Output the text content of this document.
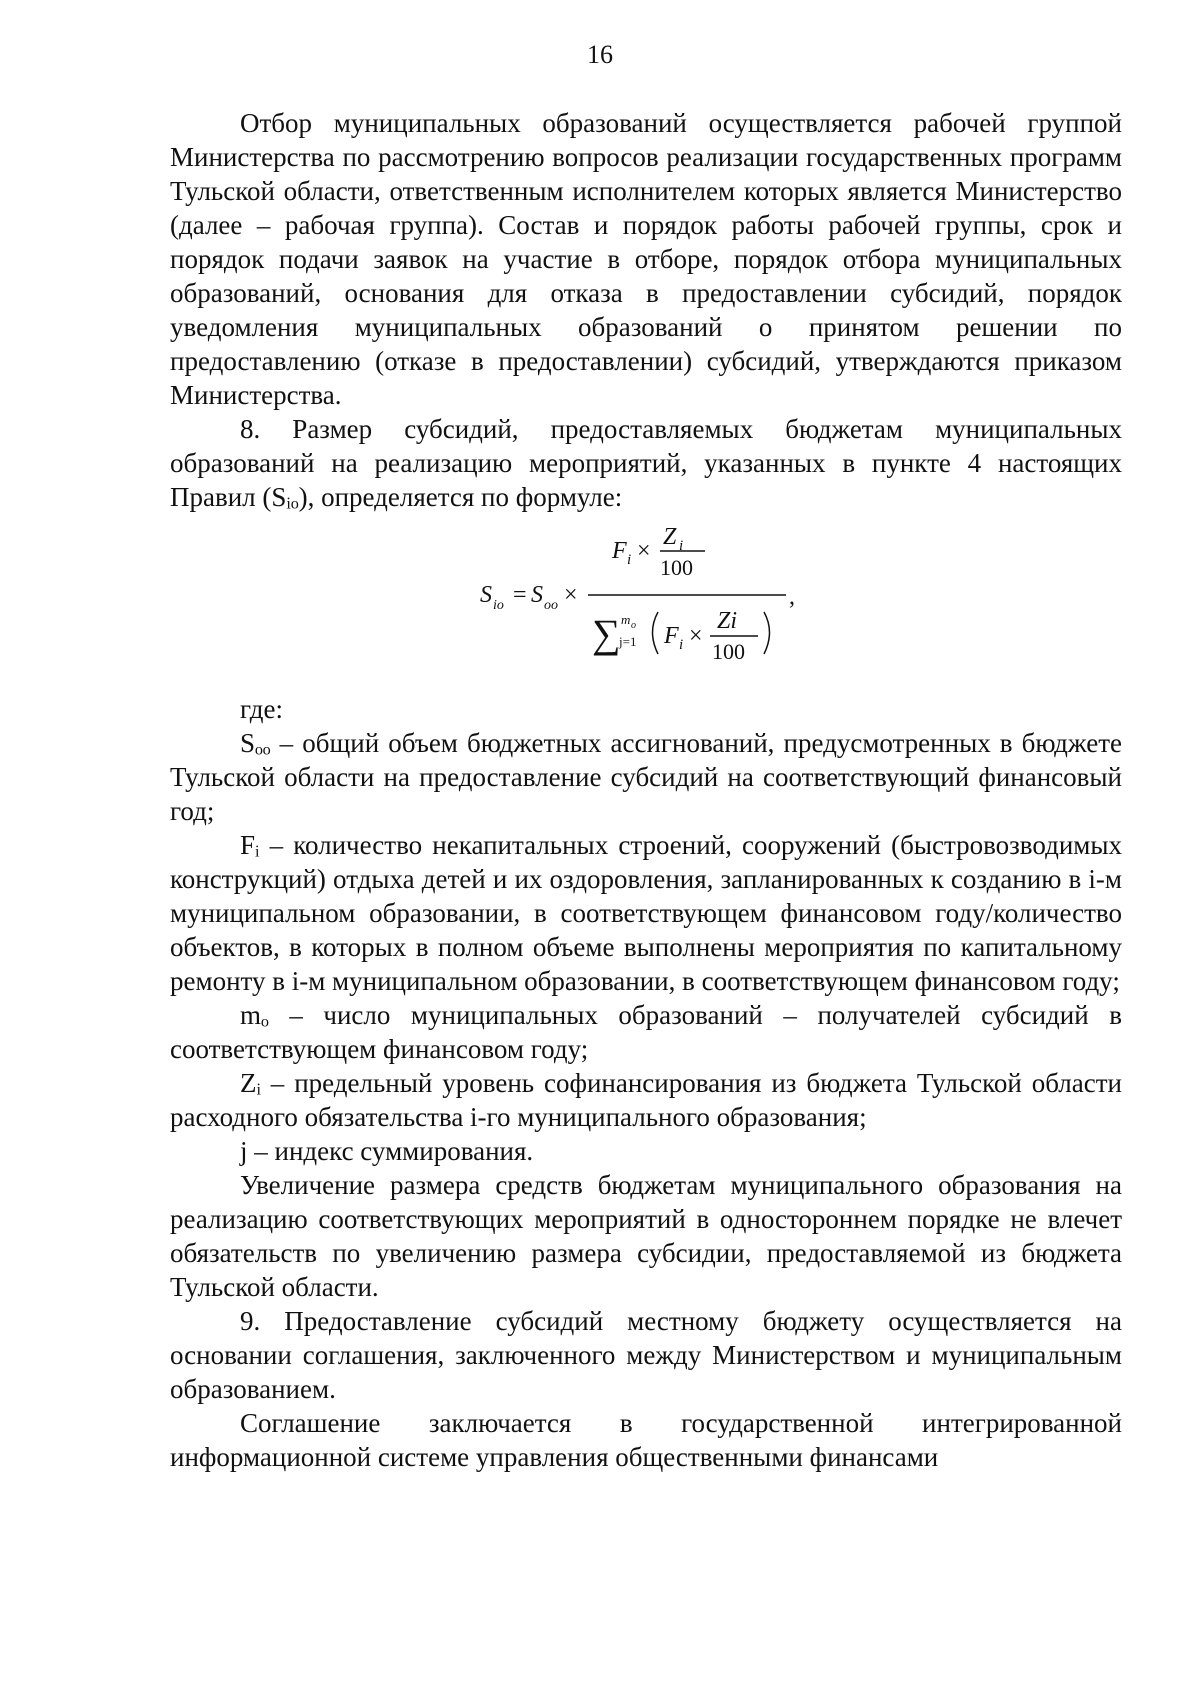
16

Отбор муниципальных образований осуществляется рабочей группой Министерства по рассмотрению вопросов реализации государственных программ Тульской области, ответственным исполнителем которых является Министерство (далее – рабочая группа). Состав и порядок работы рабочей группы, срок и порядок подачи заявок на участие в отборе, порядок отбора муниципальных образований, основания для отказа в предоставлении субсидий, порядок уведомления муниципальных образований о принятом решении по предоставлению (отказе в предоставлении) субсидий, утверждаются приказом Министерства.

8. Размер субсидий, предоставляемых бюджетам муниципальных образований на реализацию мероприятий, указанных в пункте 4 настоящих Правил (Sᵢₒ), определяется по формуле:

F i ×
Z i
100
S io = S oo ×	,
∑ m o
j=1 F i ×
Zi
100
где:

Sₒₒ – общий объем бюджетных ассигнований, предусмотренных в бюджете Тульской области на предоставление субсидий на соответствующий финансовый год;

Fᵢ – количество некапитальных строений, сооружений (быстровозводимых конструкций) отдыха детей и их оздоровления, запланированных к созданию в i-м муниципальном образовании, в соответствующем финансовом году/количество объектов, в которых в полном объеме выполнены мероприятия по капитальному ремонту в i-м муниципальном образовании, в соответствующем финансовом году;

mₒ – число муниципальных образований – получателей субсидий в соответствующем финансовом году;

Zᵢ – предельный уровень софинансирования из бюджета Тульской области расходного обязательства i-го муниципального образования;

j – индекс суммирования.

Увеличение размера средств бюджетам муниципального образования на реализацию соответствующих мероприятий в одностороннем порядке не влечет обязательств по увеличению размера субсидии, предоставляемой из бюджета Тульской области.

9. Предоставление субсидий местному бюджету осуществляется на основании соглашения, заключенного между Министерством и муниципальным образованием.

Соглашение заключается в государственной интегрированной информационной системе управления общественными финансами
